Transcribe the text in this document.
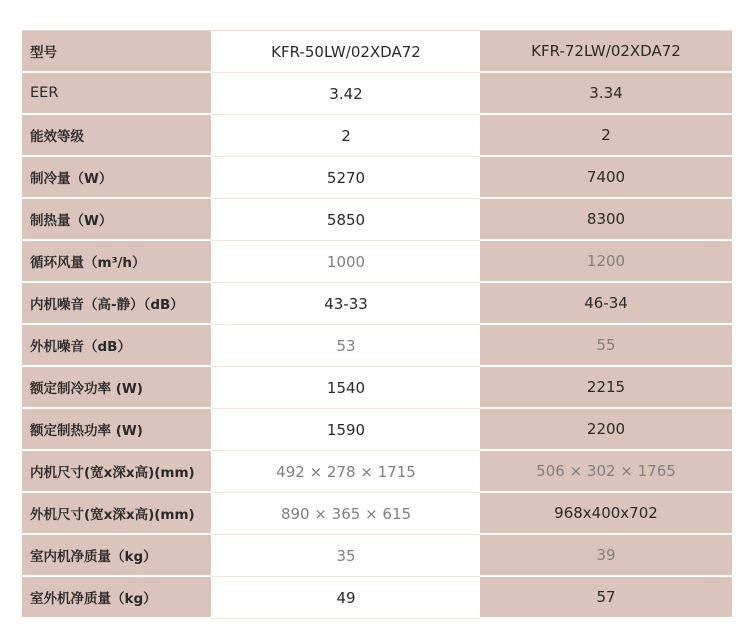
型号	KFR-50LW/02XDA72	KFR-72LW/02XDA72
EER	3.42	3.34
能效等级	2	2
制冷量（W）	5270	7400
制热量（W）	5850	8300
循环风量（m³/h）	1000	1200
内机噪音（高-静）（dB）	43-33	46-34
外机噪音（dB）	53	55
额定制冷功率 (W)	1540	2215
额定制热功率 (W)	1590	2200
内机尺寸(宽x深x高)(mm)	492 × 278 × 1715	506 × 302 × 1765
外机尺寸(宽x深x高)(mm)	890 × 365 × 615	968x400x702
室内机净质量（kg）	35	39
室外机净质量（kg）	49	57
